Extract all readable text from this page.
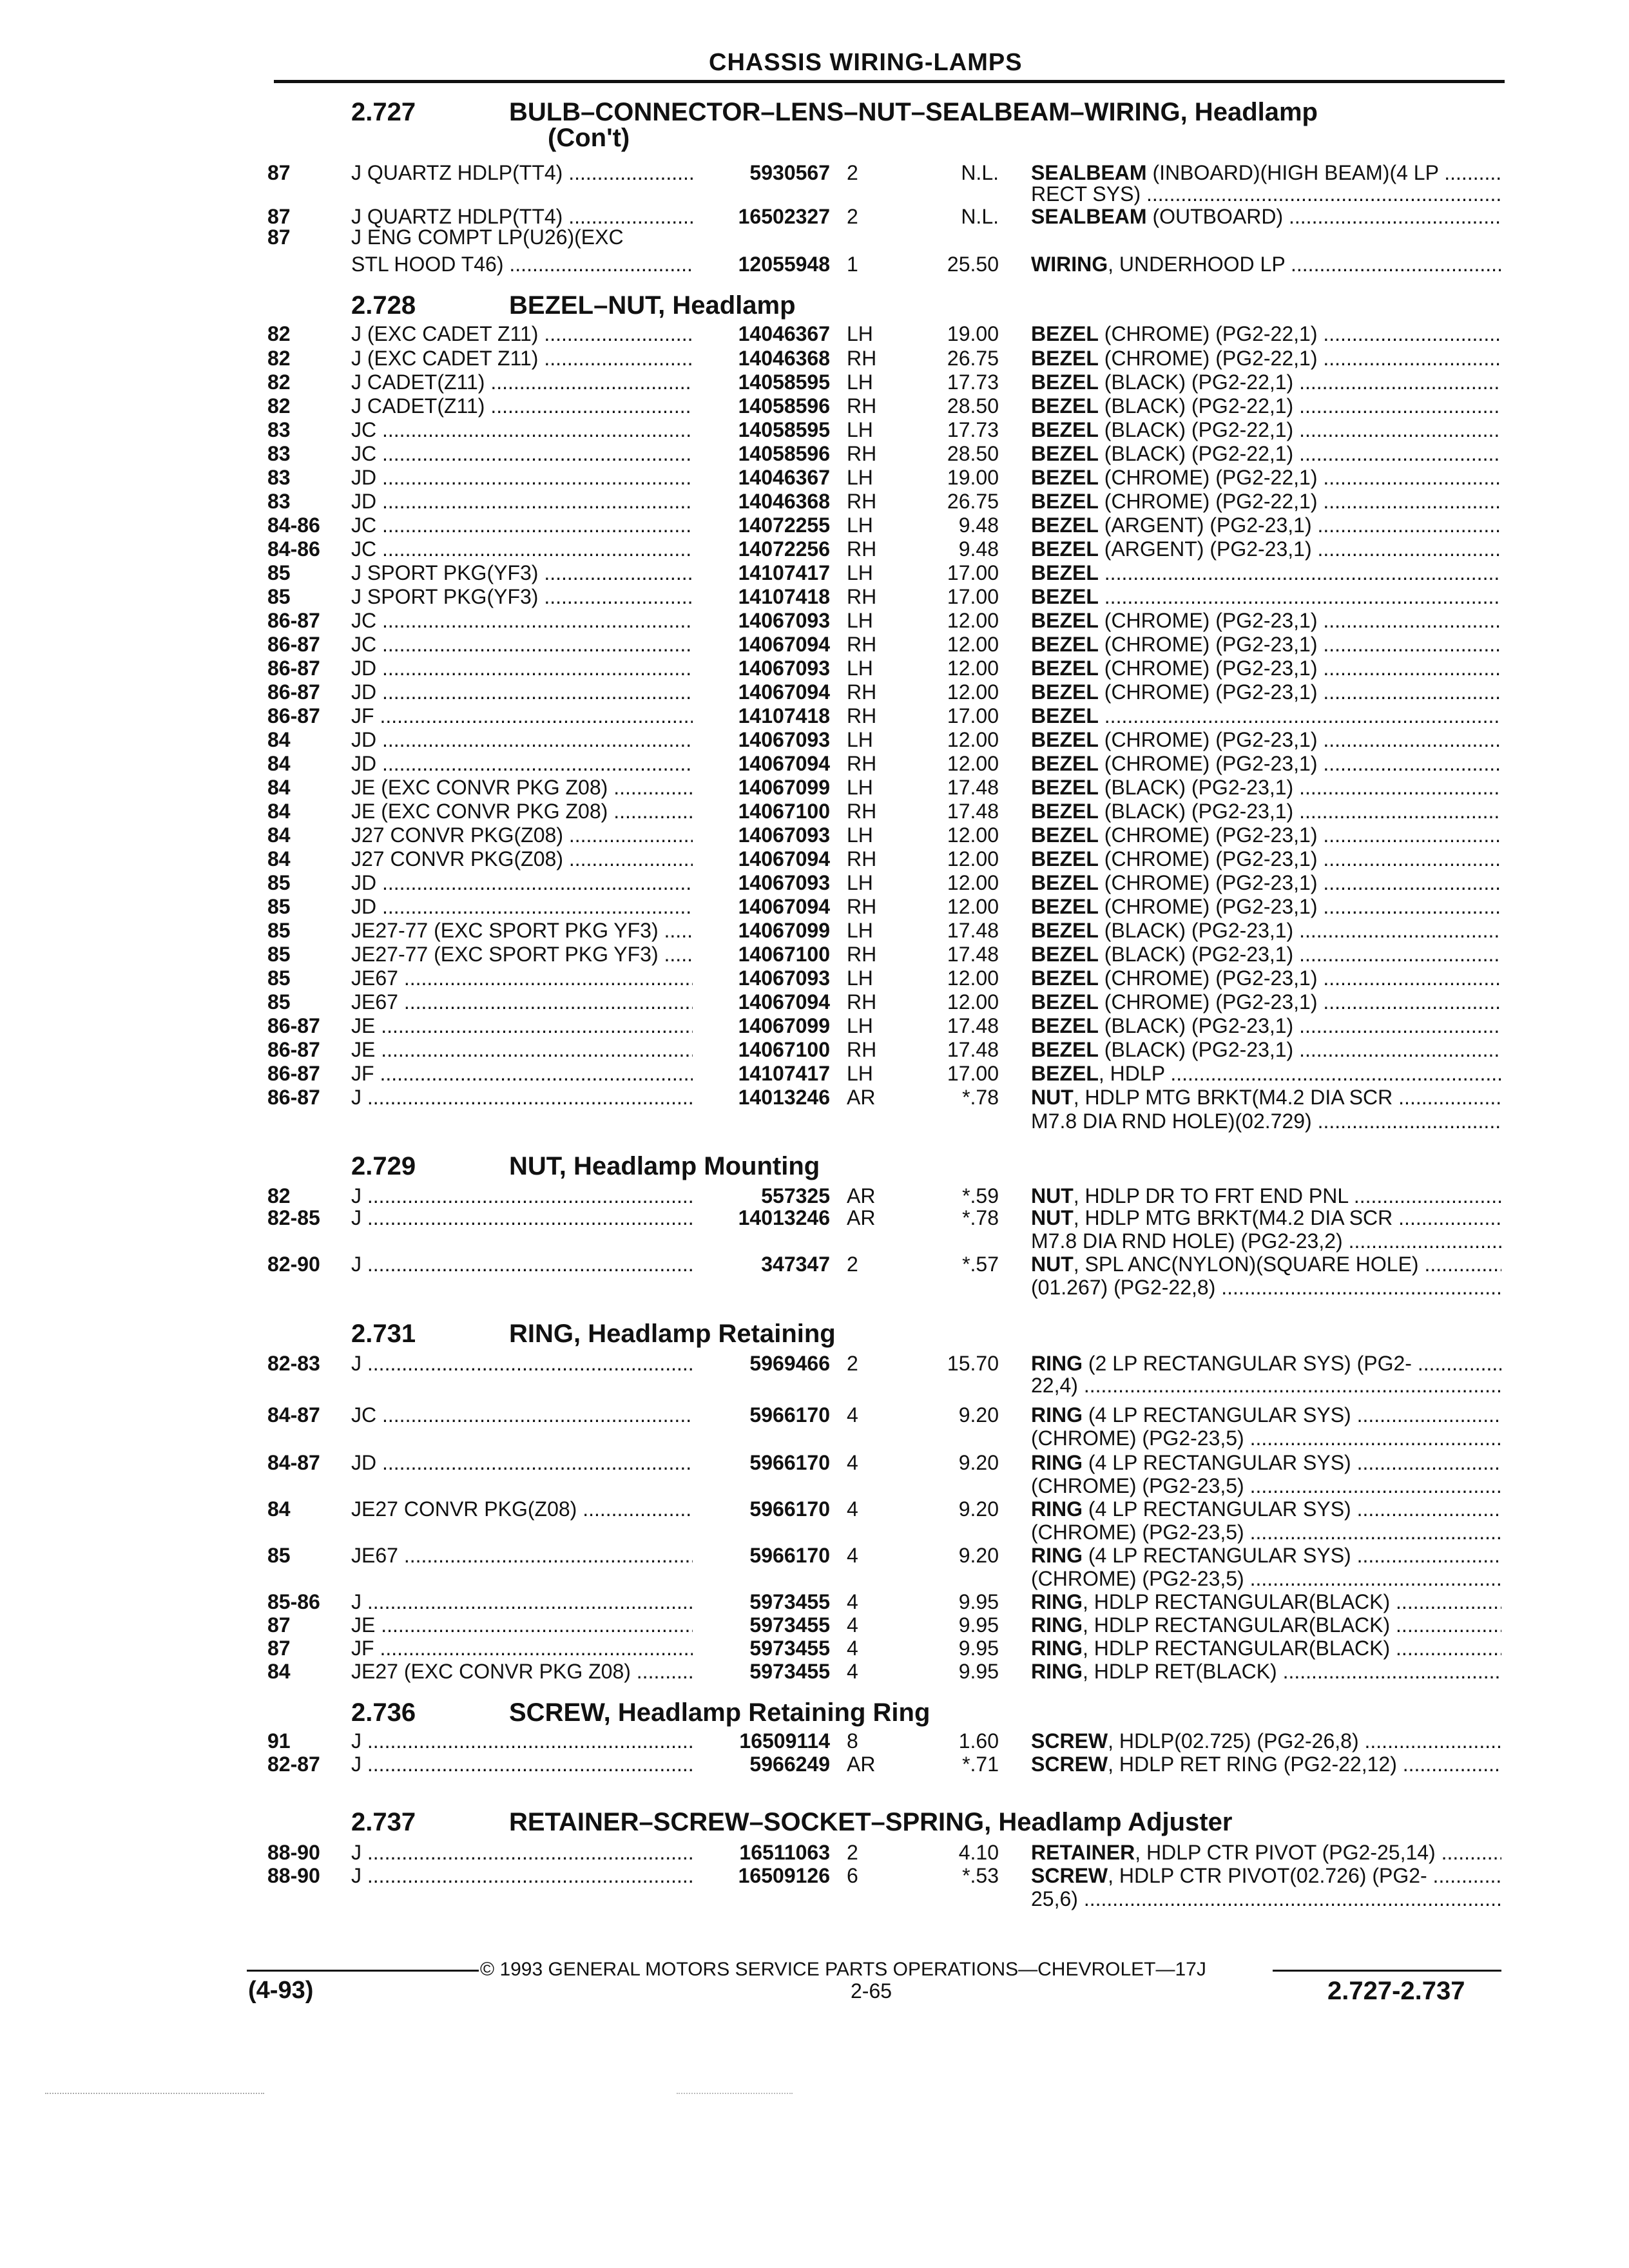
CHASSIS WIRING-LAMPS
2.727	BULB–CONNECTOR–LENS–NUT–SEALBEAM–WIRING, Headlamp
(Con't)
2.728	BEZEL–NUT, Headlamp
2.729	NUT, Headlamp Mounting
2.731	RING, Headlamp Retaining
2.736	SCREW, Headlamp Retaining Ring
2.737	RETAINER–SCREW–SOCKET–SPRING, Headlamp Adjuster
87	J QUARTZ HDLP(TT4) .....	5930567 2	N.L. SEALBEAM (INBOARD)(HIGH BEAM)(4 LP .....
RECT SYS) .....
87	J QUARTZ HDLP(TT4) .....	16502327 2	N.L. SEALBEAM (OUTBOARD) .....
87	J ENG COMPT LP(U26)(EXC
STL HOOD T46) .....	12055948 1	25.50 WIRING, UNDERHOOD LP .....
82	J (EXC CADET Z11) .....	14046367 LH	19.00 BEZEL (CHROME) (PG2-22,1) .....
82	J (EXC CADET Z11) .....	14046368 RH	26.75 BEZEL (CHROME) (PG2-22,1) .....
82	J CADET(Z11) .....	14058595 LH	17.73 BEZEL (BLACK) (PG2-22,1) .....
82	J CADET(Z11) .....	14058596 RH	28.50 BEZEL (BLACK) (PG2-22,1) .....
83	JC .....	14058595 LH	17.73 BEZEL (BLACK) (PG2-22,1) .....
83	JC .....	14058596 RH	28.50 BEZEL (BLACK) (PG2-22,1) .....
83	JD .....	14046367 LH	19.00 BEZEL (CHROME) (PG2-22,1) .....
83	JD .....	14046368 RH	26.75 BEZEL (CHROME) (PG2-22,1) .....
84-86 JC .....	14072255 LH	9.48 BEZEL (ARGENT) (PG2-23,1) .....
84-86 JC .....	14072256 RH	9.48 BEZEL (ARGENT) (PG2-23,1) .....
85	J SPORT PKG(YF3) .....	14107417 LH	17.00 BEZEL .....
85	J SPORT PKG(YF3) .....	14107418 RH	17.00 BEZEL .....
86-87 JC .....	14067093 LH	12.00 BEZEL (CHROME) (PG2-23,1) .....
86-87 JC .....	14067094 RH	12.00 BEZEL (CHROME) (PG2-23,1) .....
86-87 JD .....	14067093 LH	12.00 BEZEL (CHROME) (PG2-23,1) .....
86-87 JD .....	14067094 RH	12.00 BEZEL (CHROME) (PG2-23,1) .....
86-87 JF .....	14107418 RH	17.00 BEZEL .....
84	JD .....	14067093 LH	12.00 BEZEL (CHROME) (PG2-23,1) .....
84	JD .....	14067094 RH	12.00 BEZEL (CHROME) (PG2-23,1) .....
84	JE (EXC CONVR PKG Z08) .....	14067099 LH	17.48 BEZEL (BLACK) (PG2-23,1) .....
84	JE (EXC CONVR PKG Z08) .....	14067100 RH	17.48 BEZEL (BLACK) (PG2-23,1) .....
84	J27 CONVR PKG(Z08) .....	14067093 LH	12.00 BEZEL (CHROME) (PG2-23,1) .....
84	J27 CONVR PKG(Z08) .....	14067094 RH	12.00 BEZEL (CHROME) (PG2-23,1) .....
85	JD .....	14067093 LH	12.00 BEZEL (CHROME) (PG2-23,1) .....
85	JD .....	14067094 RH	12.00 BEZEL (CHROME) (PG2-23,1) .....
85	JE27-77 (EXC SPORT PKG YF3) .....	14067099 LH	17.48 BEZEL (BLACK) (PG2-23,1) .....
85	JE27-77 (EXC SPORT PKG YF3) .....	14067100 RH	17.48 BEZEL (BLACK) (PG2-23,1) .....
85	JE67 .....	14067093 LH	12.00 BEZEL (CHROME) (PG2-23,1) .....
85	JE67 .....	14067094 RH	12.00 BEZEL (CHROME) (PG2-23,1) .....
86-87 JE .....	14067099 LH	17.48 BEZEL (BLACK) (PG2-23,1) .....
86-87 JE .....	14067100 RH	17.48 BEZEL (BLACK) (PG2-23,1) .....
86-87 JF .....	14107417 LH	17.00 BEZEL, HDLP .....
86-87 J .....	14013246 AR	*.78 NUT, HDLP MTG BRKT(M4.2 DIA SCR .....
M7.8 DIA RND HOLE)(02.729) .....
82	J .....	557325 AR	*.59 NUT, HDLP DR TO FRT END PNL .....
82-85 J .....	14013246 AR	*.78 NUT, HDLP MTG BRKT(M4.2 DIA SCR .....
M7.8 DIA RND HOLE) (PG2-23,2) .....
82-90 J .....	347347 2	*.57 NUT, SPL ANC(NYLON)(SQUARE HOLE) .....
(01.267) (PG2-22,8) .....
82-83 J .....	5969466 2	15.70 RING (2 LP RECTANGULAR SYS) (PG2- .....
22,4) .....
84-87 JC .....	5966170 4	9.20 RING (4 LP RECTANGULAR SYS) .....
(CHROME) (PG2-23,5) .....
84-87 JD .....	5966170 4	9.20 RING (4 LP RECTANGULAR SYS) .....
(CHROME) (PG2-23,5) .....
84	JE27 CONVR PKG(Z08) .....	5966170 4	9.20 RING (4 LP RECTANGULAR SYS) .....
(CHROME) (PG2-23,5) .....
85	JE67 .....	5966170 4	9.20 RING (4 LP RECTANGULAR SYS) .....
(CHROME) (PG2-23,5) .....
85-86 J .....	5973455 4	9.95 RING, HDLP RECTANGULAR(BLACK) .....
87	JE .....	5973455 4	9.95 RING, HDLP RECTANGULAR(BLACK) .....
87	JF .....	5973455 4	9.95 RING, HDLP RECTANGULAR(BLACK) .....
84	JE27 (EXC CONVR PKG Z08) .....	5973455 4	9.95 RING, HDLP RET(BLACK) .....
91	J .....	16509114 8	1.60 SCREW, HDLP(02.725) (PG2-26,8) .....
82-87 J .....	5966249 AR	*.71 SCREW, HDLP RET RING (PG2-22,12) .....
88-90 J .....	16511063 2	4.10 RETAINER, HDLP CTR PIVOT (PG2-25,14) .....
88-90 J .....	16509126 6	*.53 SCREW, HDLP CTR PIVOT(02.726) (PG2- .....
25,6) .....
© 1993 GENERAL MOTORS SERVICE PARTS OPERATIONS—CHEVROLET—17J
(4-93)	2-65	2.727-2.737
